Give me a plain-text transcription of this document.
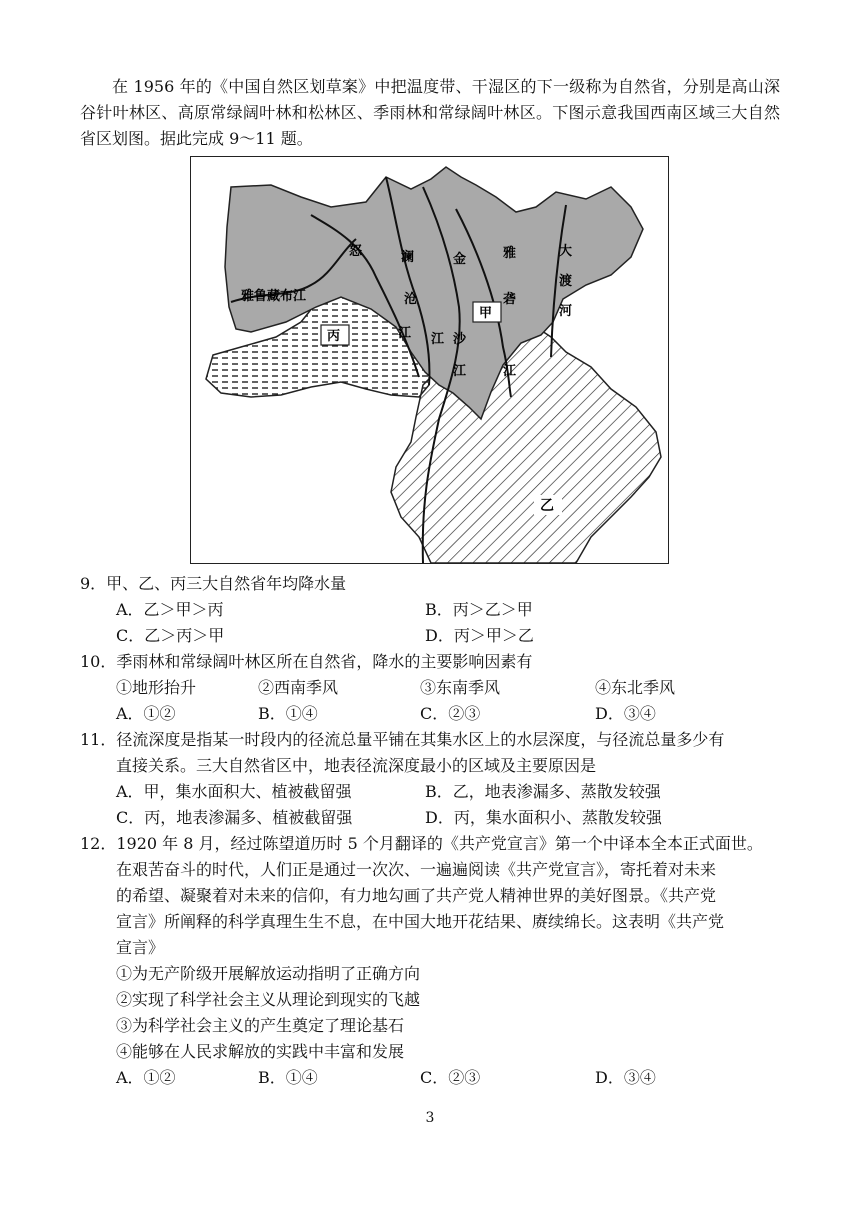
在 1956 年的《中国自然区划草案》中把温度带、干湿区的下一级称为自然省，分别是高山深谷针叶林区、高原常绿阔叶林和松林区、季雨林和常绿阔叶林区。下图示意我国西南区域三大自然省区划图。据此完成 9～11 题。
雅鲁藏布江
怒
江
澜
沧
江
金
沙
江
雅
砻
江
大
渡
河
甲
丙
乙
9．甲、乙、丙三大自然省年均降水量
A．乙＞甲＞丙	B．丙＞乙＞甲
C．乙＞丙＞甲	D．丙＞甲＞乙
10．季雨林和常绿阔叶林区所在自然省，降水的主要影响因素有
①地形抬升	②西南季风	③东南季风	④东北季风
A．①②	B．①④	C．②③	D．③④
11．径流深度是指某一时段内的径流总量平铺在其集水区上的水层深度，与径流总量多少有
直接关系。三大自然省区中，地表径流深度最小的区域及主要原因是
A．甲，集水面积大、植被截留强	B．乙，地表渗漏多、蒸散发较强
C．丙，地表渗漏多、植被截留强	D．丙，集水面积小、蒸散发较强
12．1920 年 8 月，经过陈望道历时 5 个月翻译的《共产党宣言》第一个中译本全本正式面世。
在艰苦奋斗的时代，人们正是通过一次次、一遍遍阅读《共产党宣言》，寄托着对未来
的希望、凝聚着对未来的信仰，有力地勾画了共产党人精神世界的美好图景。《共产党
宣言》所阐释的科学真理生生不息，在中国大地开花结果、赓续绵长。这表明《共产党
宣言》
①为无产阶级开展解放运动指明了正确方向
②实现了科学社会主义从理论到现实的飞越
③为科学社会主义的产生奠定了理论基石
④能够在人民求解放的实践中丰富和发展
A．①②	B．①④	C．②③	D．③④
3
